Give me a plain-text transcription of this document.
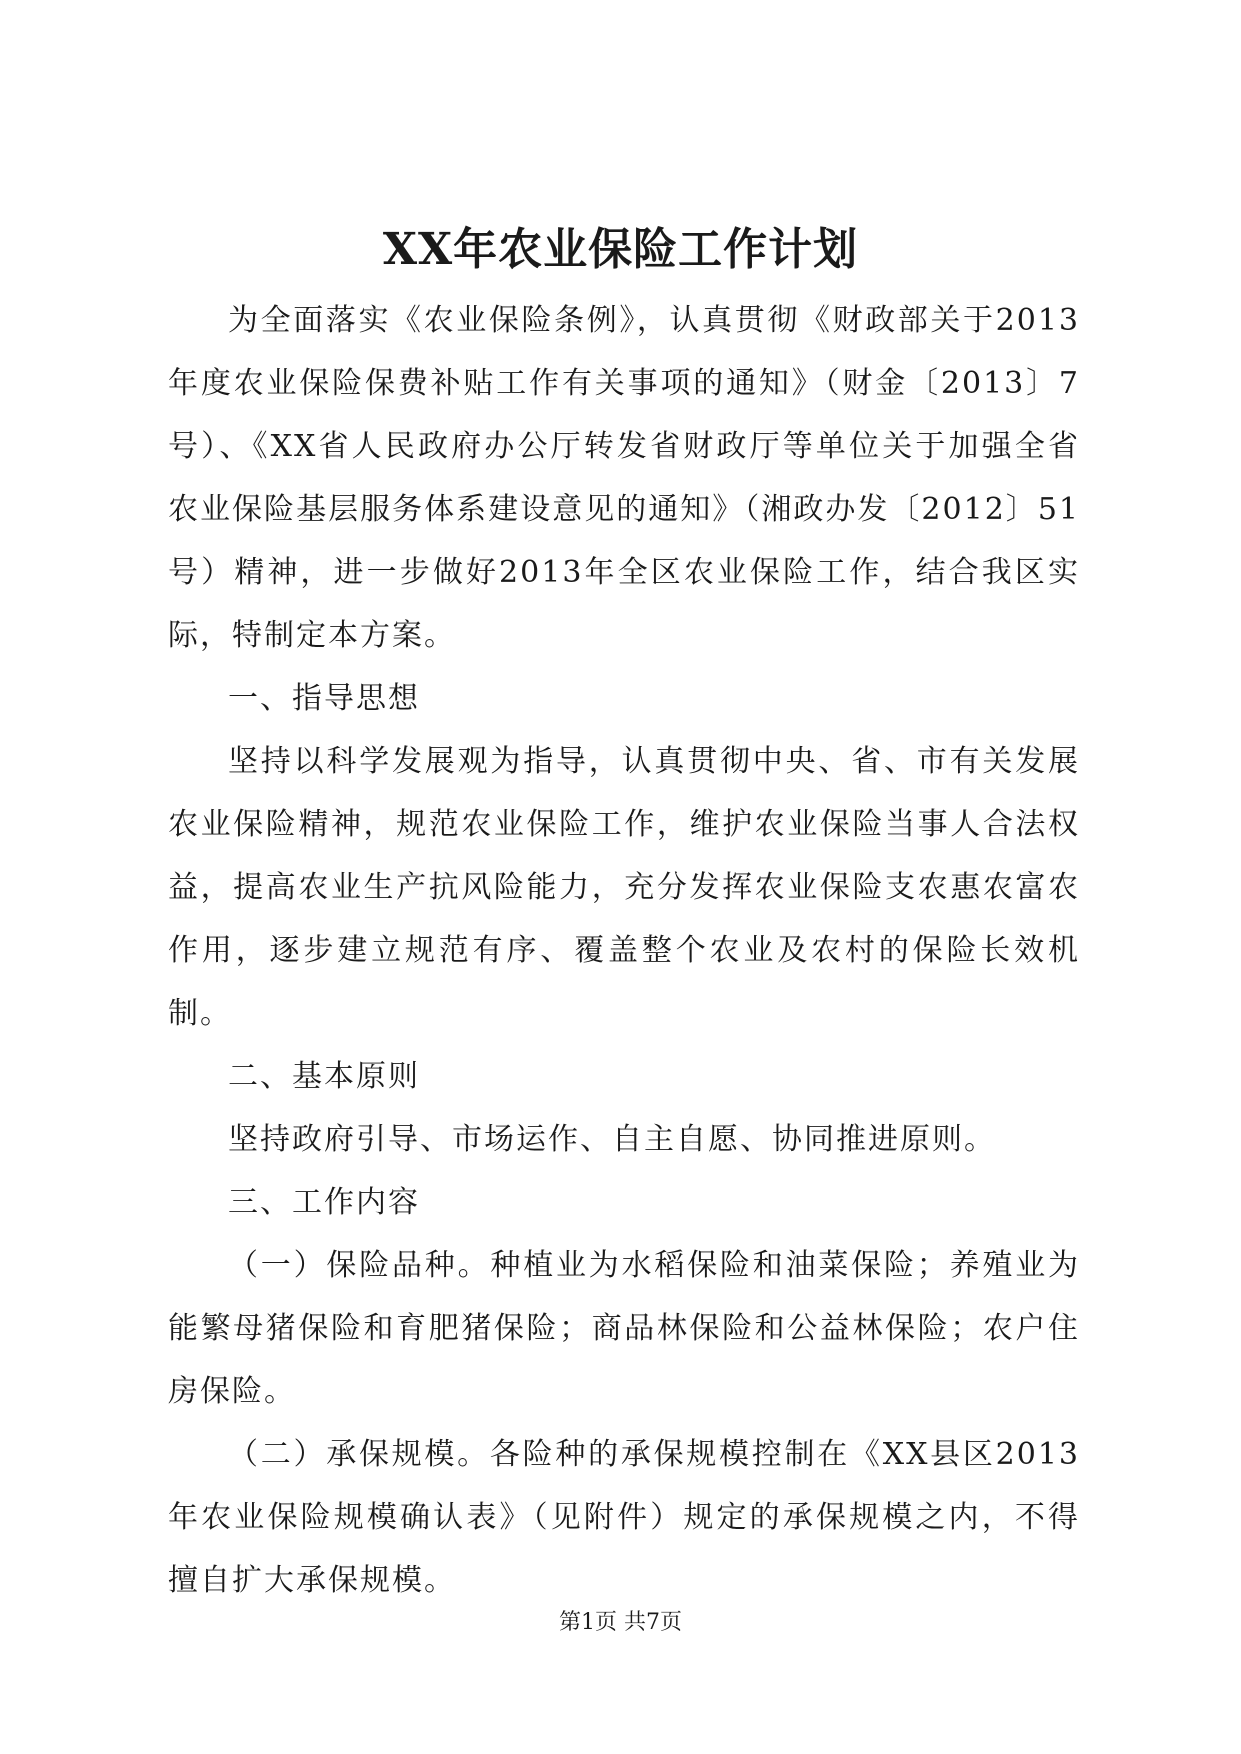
XX年农业保险工作计划

为全面落实《农业保险条例》，认真贯彻《财政部关于2013年度农业保险保费补贴工作有关事项的通知》（财金〔2013〕7号）、《XX省人民政府办公厅转发省财政厅等单位关于加强全省农业保险基层服务体系建设意见的通知》（湘政办发〔2012〕51号）精神，进一步做好2013年全区农业保险工作，结合我区实际，特制定本方案。

一、指导思想

坚持以科学发展观为指导，认真贯彻中央、省、市有关发展农业保险精神，规范农业保险工作，维护农业保险当事人合法权益，提高农业生产抗风险能力，充分发挥农业保险支农惠农富农作用，逐步建立规范有序、覆盖整个农业及农村的保险长效机制。

二、基本原则

坚持政府引导、市场运作、自主自愿、协同推进原则。

三、工作内容

（一）保险品种。种植业为水稻保险和油菜保险；养殖业为能繁母猪保险和育肥猪保险；商品林保险和公益林保险；农户住房保险。

（二）承保规模。各险种的承保规模控制在《XX县区2013年农业保险规模确认表》（见附件）规定的承保规模之内，不得擅自扩大承保规模。

第1页 共7页
